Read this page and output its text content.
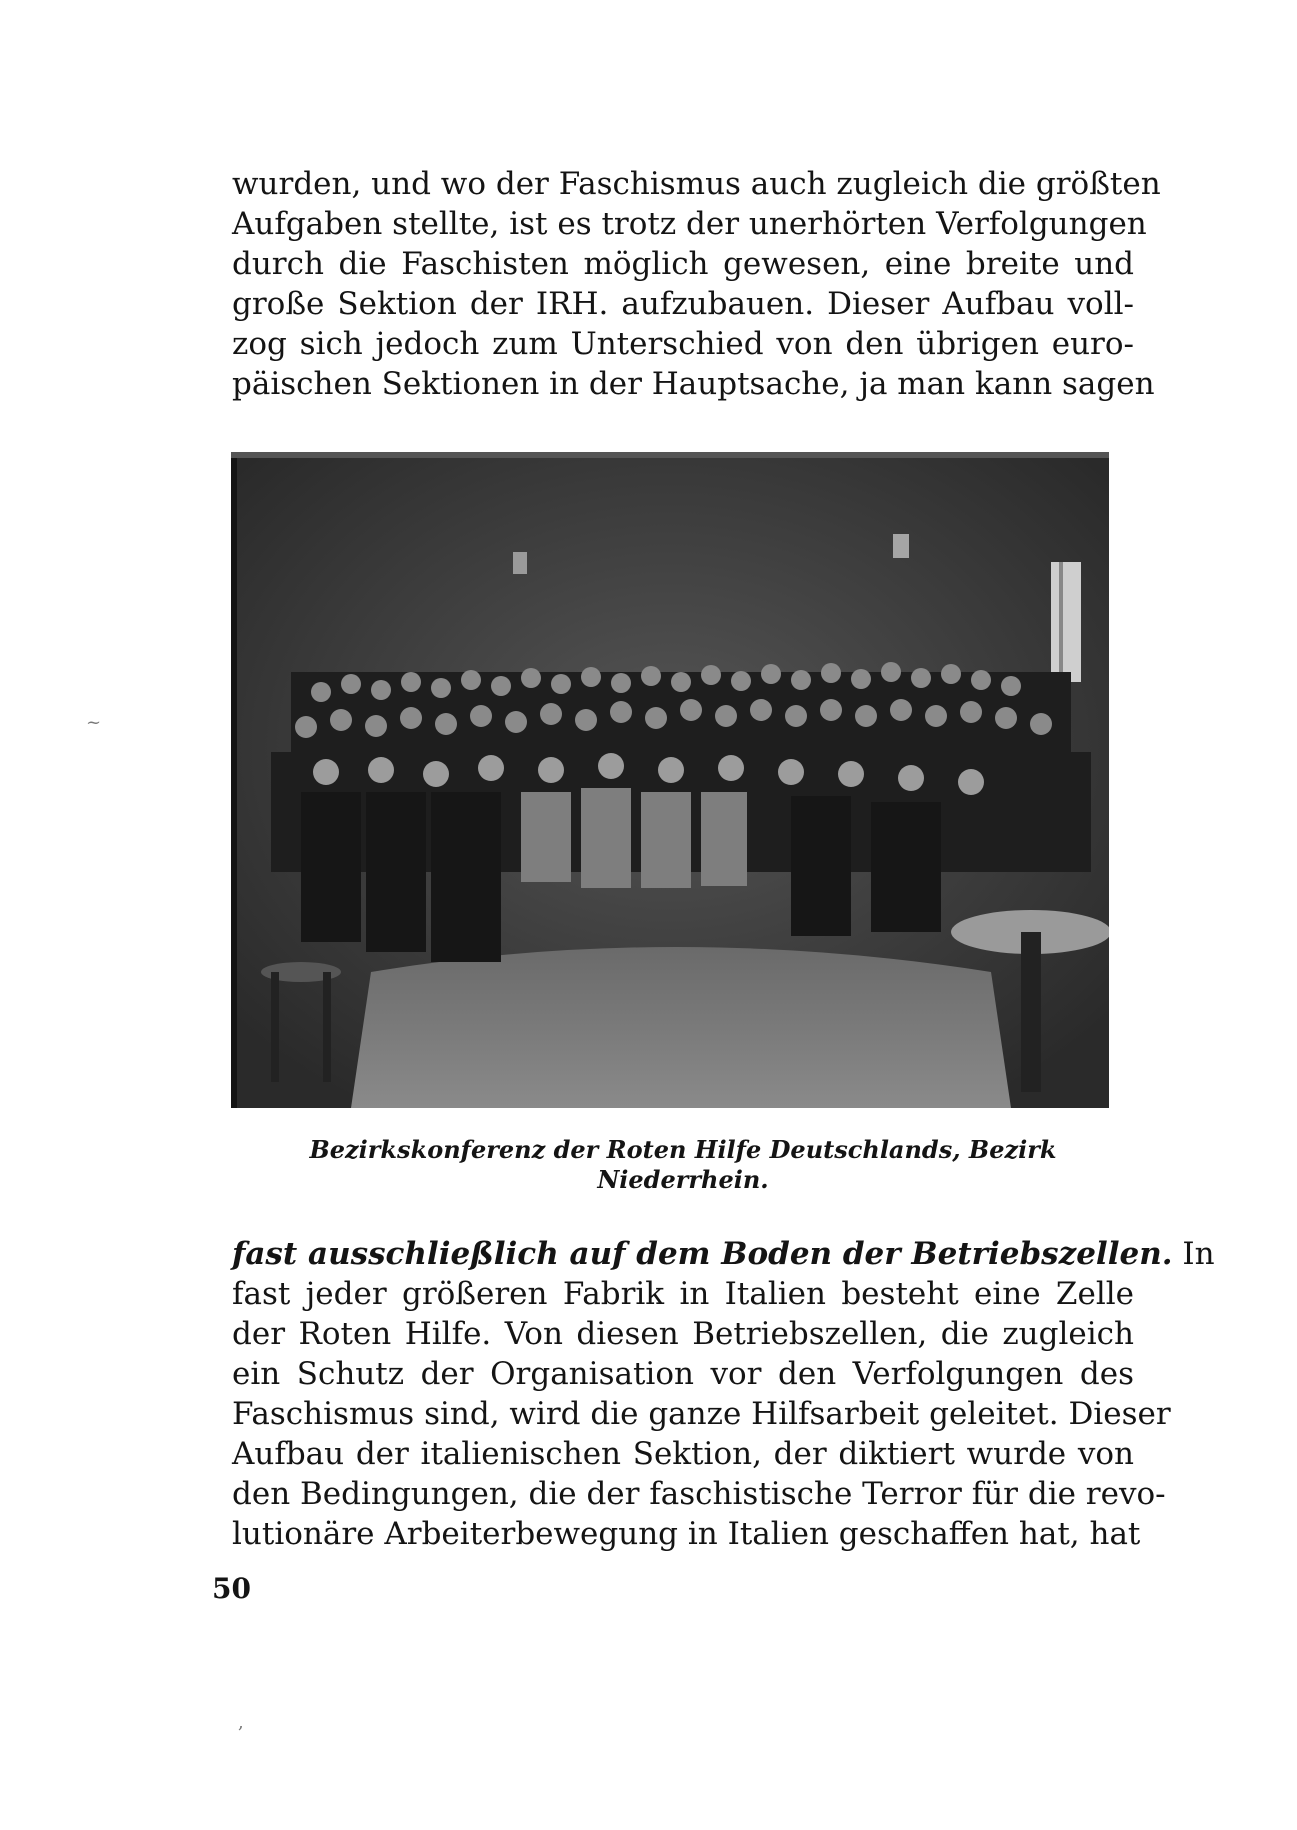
wurden, und wo der Faschismus auch zugleich die größten
Aufgaben stellte, ist es trotz der unerhörten Verfolgungen
durch die Faschisten möglich gewesen, eine breite und
große Sektion der IRH. aufzubauen. Dieser Aufbau voll-
zog sich jedoch zum Unterschied von den übrigen euro-
päischen Sektionen in der Hauptsache, ja man kann sagen
Bezirkskonferenz der Roten Hilfe Deutschlands, Bezirk
Niederrhein.
fast ausschließlich auf dem Boden der Betriebszellen. In
fast jeder größeren Fabrik in Italien besteht eine Zelle
der Roten Hilfe. Von diesen Betriebszellen, die zugleich
ein Schutz der Organisation vor den Verfolgungen des
Faschismus sind, wird die ganze Hilfsarbeit geleitet. Dieser
Aufbau der italienischen Sektion, der diktiert wurde von
den Bedingungen, die der faschistische Terror für die revo-
lutionäre Arbeiterbewegung in Italien geschaffen hat, hat
50
~
,
